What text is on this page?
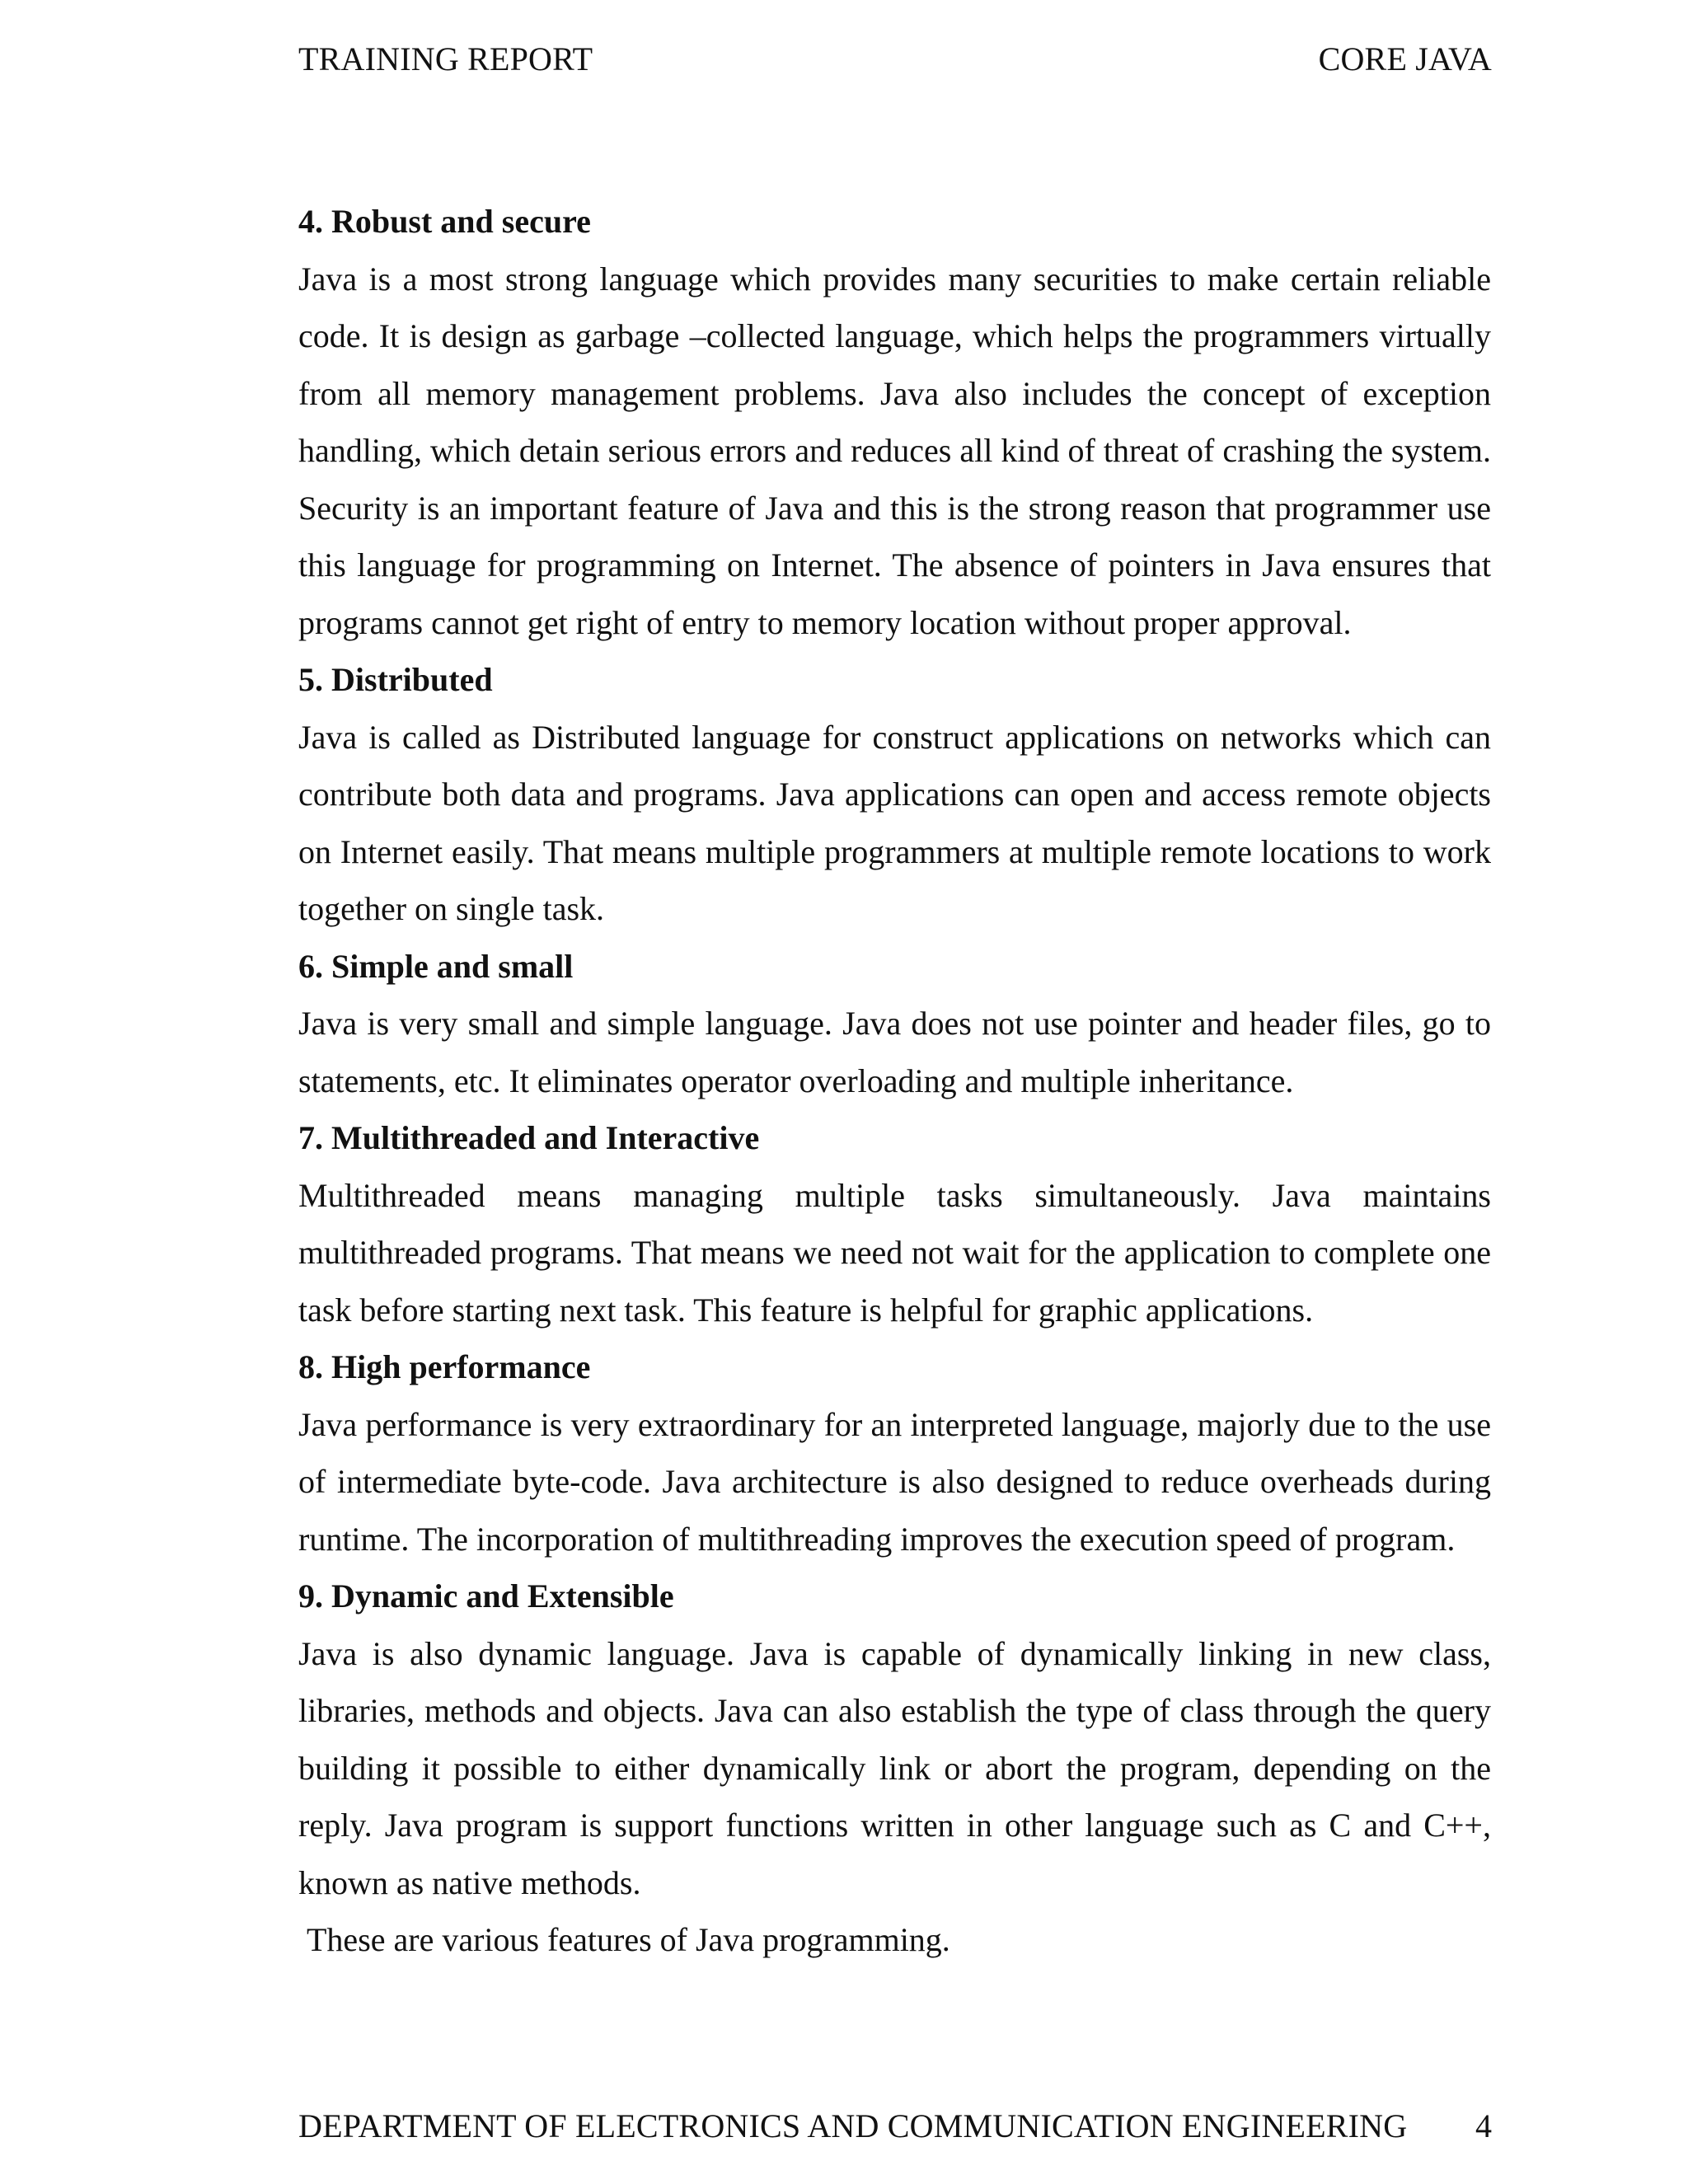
TRAINING REPORT	CORE JAVA
4. Robust and secure

Java is a most strong language which provides many securities to make certain reliable code. It is design as garbage –collected language, which helps the programmers virtually from all memory management problems. Java also includes the concept of exception handling, which detain serious errors and reduces all kind of threat of crashing the system. Security is an important feature of Java and this is the strong reason that programmer use this language for programming on Internet. The absence of pointers in Java ensures that programs cannot get right of entry to memory location without proper approval.

5. Distributed

Java is called as Distributed language for construct applications on networks which can contribute both data and programs. Java applications can open and access remote objects on Internet easily. That means multiple programmers at multiple remote locations to work together on single task.

6. Simple and small

Java is very small and simple language. Java does not use pointer and header files, go to statements, etc. It eliminates operator overloading and multiple inheritance.

7. Multithreaded and Interactive

Multithreaded means managing multiple tasks simultaneously. Java maintains multithreaded programs. That means we need not wait for the application to complete one task before starting next task. This feature is helpful for graphic applications.

8. High performance

Java performance is very extraordinary for an interpreted language, majorly due to the use of intermediate byte-code. Java architecture is also designed to reduce overheads during runtime. The incorporation of multithreading improves the execution speed of program.

9. Dynamic and Extensible

Java is also dynamic language. Java is capable of dynamically linking in new class, libraries, methods and objects. Java can also establish the type of class through the query building it possible to either dynamically link or abort the program, depending on the reply. Java program is support functions written in other language such as C and C++, known as native methods.

These are various features of Java programming.

DEPARTMENT OF ELECTRONICS AND COMMUNICATION ENGINEERING 4
